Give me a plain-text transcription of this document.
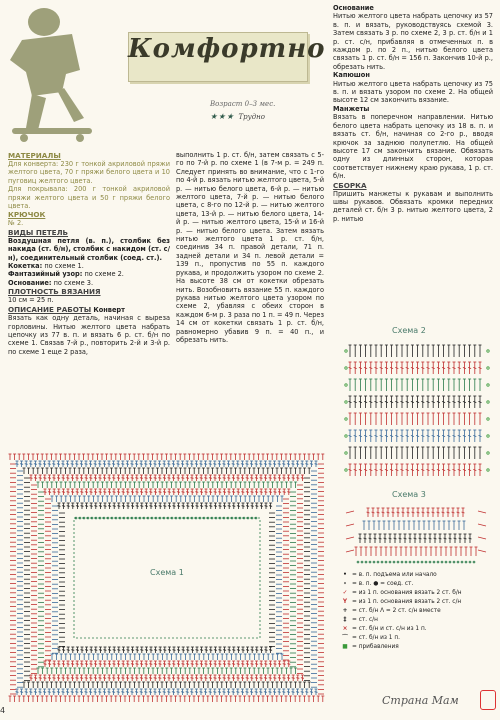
Комфортно
Возраст 0–3 мес.
★★★ Трудно

МАТЕРИАЛЫ

Для конверта: 230 г тонкой акриловой пряжи желтого цвета, 70 г пряжи белого цвета и 10 пуговиц желтого цвета.

Для покрывала: 200 г тонкой акриловой пряжи желтого цвета и 50 г пряжи белого цвета.

КРЮЧОК

№ 2.

ВИДЫ ПЕТЕЛЬ

Воздушная петля (в. п.), столбик без накида (ст. б/н), столбик с накидом (ст. с/н), соединительный столбик (соед. ст.).

Кокетка: по схеме 1.

Фантазийный узор: по схеме 2.

Основание: по схеме 3.

ПЛОТНОСТЬ ВЯЗАНИЯ

10 см = 25 п.

ОПИСАНИЕ РАБОТЫ Конверт

Вязать как одну деталь, начиная с выреза горловины. Нитью желтого цвета набрать цепочку из 77 в. п. и вязать 6 р. ст. б/н по схеме 1. Связав 7-й р., повторить 2-й и 3-й р. по схеме 1 еще 2 раза,

выполнить 1 р. ст. б/н, затем связать с 5-го по 7-й р. по схеме 1 (в 7-м р. = 249 п. Следует принять во внимание, что с 1-го по 4-й р. вязать нитью желтого цвета, 5-й р. — нитью белого цвета, 6-й р. — нитью желтого цвета, 7-й р. — нитью белого цвета, с 8-го по 12-й р. — нитью желтого цвета, 13-й р. — нитью белого цвета, 14-й р. — нитью желтого цвета, 15-й и 16-й р. — нитью белого цвета. Затем вязать нитью желтого цвета 1 р. ст. б/н, соединив 34 п. правой детали, 71 п. задней детали и 34 п. левой детали = 139 п., пропустив по 55 п. каждого рукава, и продолжить узором по схеме 2. На высоте 38 см от кокетки обрезать нить. Возобновить вязание 55 п. каждого рукава нитью желтого цвета узором по схеме 2, убавляя с обеих сторон в каждом 6-м р. 3 раза по 1 п. = 49 п. Через 14 см от кокетки связать 1 р. ст. б/н, равномерно убавив 9 п. = 40 п., и обрезать нить.

Основание

Нитью желтого цвета набрать цепочку из 57 в. п. и вязать, руководствуясь схемой 3. Затем связать 3 р. по схеме 2, 3 р. ст. б/н и 1 р. ст. с/н, прибавляя в отмеченных п. в каждом р. по 2 п., нитью белого цвета связать 1 р. ст. б/н = 156 п. Закончив 10-й р., обрезать нить.

Капюшон

Нитью желтого цвета набрать цепочку из 75 в. п. и вязать узором по схеме 2. На общей высоте 12 см закончить вязание.

Манжеты

Вязать в поперечном направлении. Нитью белого цвета набрать цепочку из 18 в. п. и вязать ст. б/н, начиная со 2-го р., вводя крючок за заднюю полупетлю. На общей высоте 17 см закончить вязание. Обвязать одну из длинных сторон, которая соответствует нижнему краю рукава, 1 р. ст. б/н.

СБОРКА

Пришить манжеты к рукавам и выполнить швы рукавов. Обвязать кромки передних деталей ст. б/н 3 р. нитью желтого цвета, 2 р. нитью

Схема 1
Схема 2
Схема 3
• = в. п. подъема или начало
∘ = в. п. ● = соед. ст.
✓ = из 1 п. основания вязать 2 ст. б/н
Y = из 1 п. основания вязать 2 ст. с/н
+ = ст. б/н Λ = 2 ст. с/н вместе
‡ = ст. с/н
× = ст. б/н и ст. с/н из 1 п.
⌒ = ст. б/н из 1 п.
■ = прибавления
4
Страна Мам
